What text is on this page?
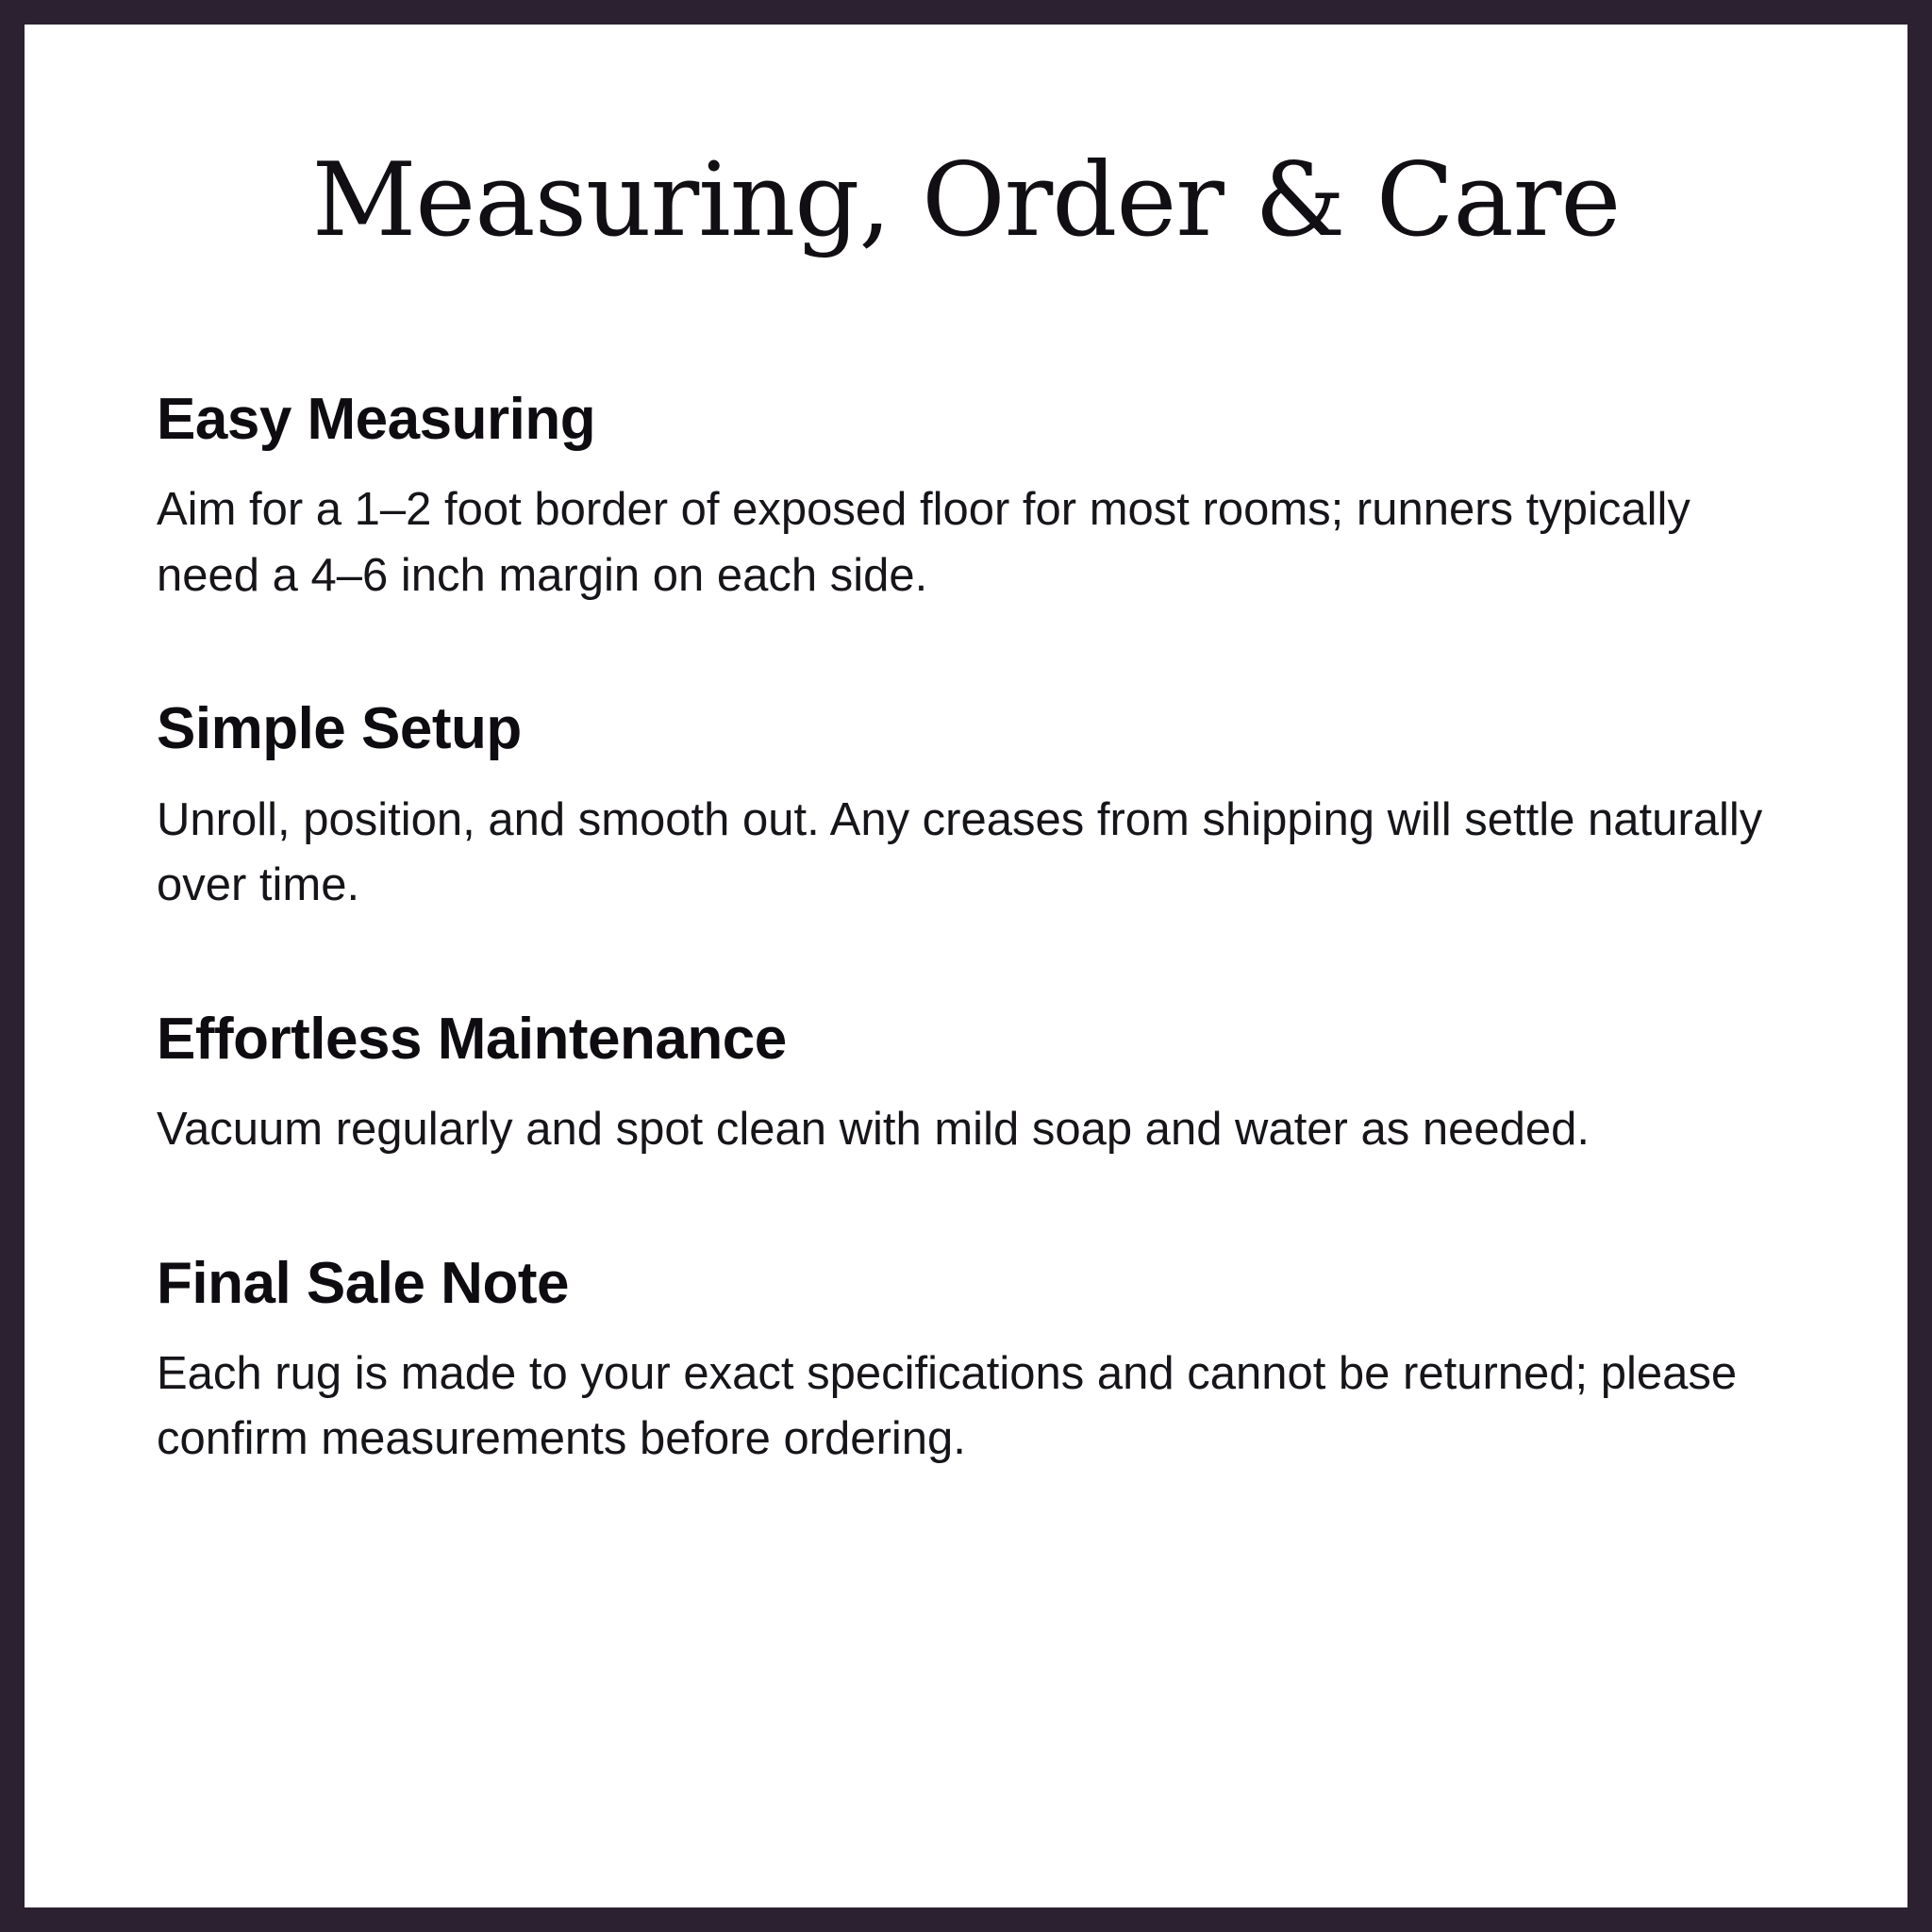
Measuring, Order & Care
Easy Measuring

Aim for a 1–2 foot border of exposed floor for most rooms; runners typically need a 4–6 inch margin on each side.

Simple Setup

Unroll, position, and smooth out. Any creases from shipping will settle naturally over time.

Effortless Maintenance

Vacuum regularly and spot clean with mild soap and water as needed.

Final Sale Note

Each rug is made to your exact specifications and cannot be returned; please confirm measurements before ordering.
